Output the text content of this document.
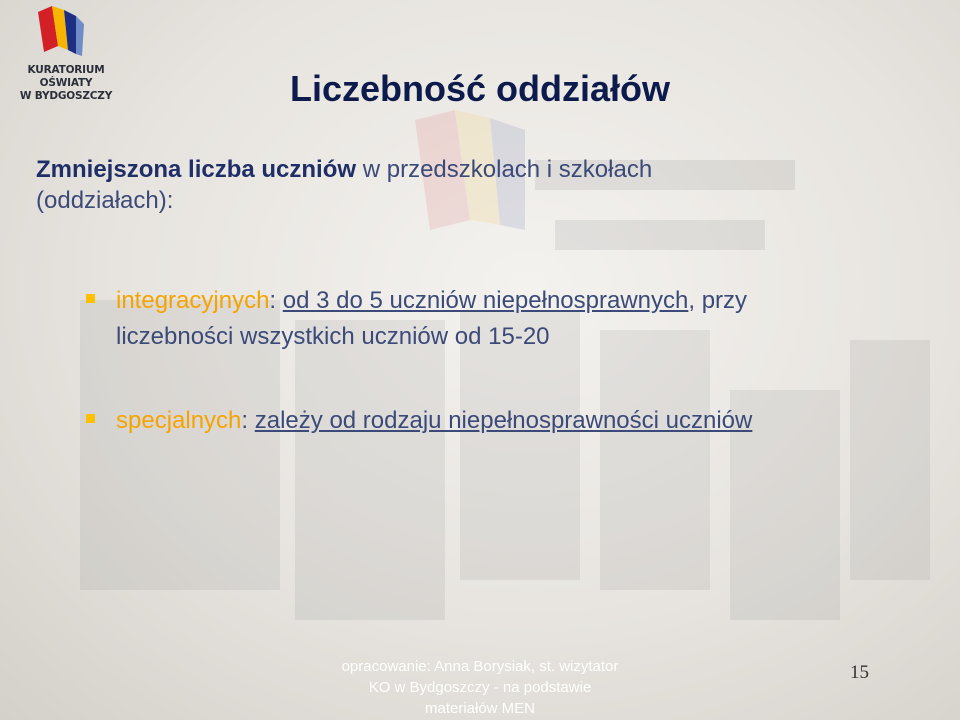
KURATORIUM OŚWIATY
W BYDGOSZCZY	Liczebność oddziałów
Zmniejszona liczba uczniów w przedszkolach i szkołach
(oddziałach):
integracyjnych: od 3 do 5 uczniów niepełnosprawnych, przy
liczebności wszystkich uczniów od 15-20
specjalnych: zależy od rodzaju niepełnosprawności uczniów
opracowanie: Anna Borysiak, st. wizytator
KO w Bydgoszczy - na podstawie
materiałów MEN
15
